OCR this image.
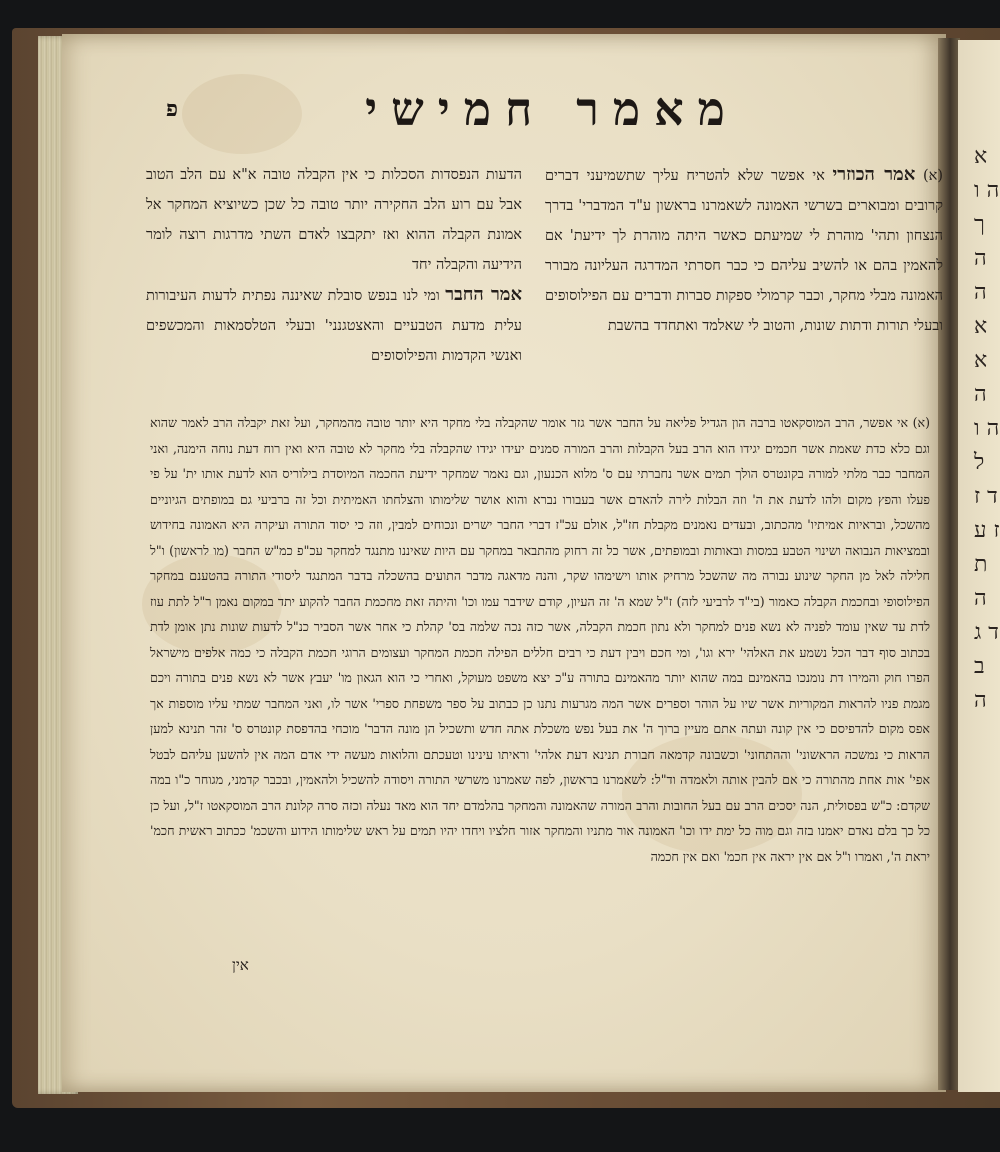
א ה ו ך ה ה א א ה ה ו ל ד ז ז ע ת ה ד ג ב ה
מאמר חמישי
פ

(א) אמר הכוזרי אי אפשר שלא להטריח עליך שתשמיעני דברים קרובים ומבוארים בשרשי האמונה לשאמרנו בראשון ע"ד המדברי' בדרך הנצחון ותהי' מוהרת לי שמיעתם כאשר היתה מוהרת לך ידיעת' אם להאמין בהם או להשיב עליהם כי כבר חסרתי המדרגה העליונה מבורר האמונה מבלי מחקר, וכבר קרמולי ספקות סברות ודברים עם הפילוסופים ובעלי תורות ודתות שונות, והטוב לי שאלמד ואתחדד בהשבת

הדעות הנפסדות הסכלות כי אין הקבלה טובה א"א עם הלב הטוב אבל עם רוע הלב החקירה יותר טובה כל שכן כשיוציא המחקר אל אמונת הקבלה ההוא ואז יתקבצו לאדם השתי מדרגות רוצה לומר הידיעה והקבלה יחד

אמר החבר ומי לנו בנפש סובלת שאיננה נפתית לדעות העיבורות עלית מדעת הטבעיים והאצטגנני' ובעלי הטלסמאות והמכשפים ואנשי הקדמות והפילוסופים

(א) אי אפשר, הרב המוסקאטו ברבה הון הגדיל פליאה על החבר אשר גזר אומר שהקבלה בלי מחקר היא יותר טובה מהמחקר, ועל זאת יקבלה הרב לאמר שהוא וגם כלא כדת שאמת אשר חכמים יגידו הוא הרב בעל הקבלות והרב המורה סמנים יעידו יגידו שהקבלה בלי מחקר לא טובה היא ואין רוח דעת נוחה הימנה, ואני המחבר כבר מלתי למורה בקונטרס הולך תמים אשר נחברתי עם ס' מלוא הכנעון, וגם נאמר שמחקר ידיעת החכמה המיוסדת בילוריס הוא לדעת אותו ית' על פי פעלו והפץ מקום ולהו לדעת את ה' וזה הבלות לירה להאדם אשר בעבורו נברא והוא אושר שלימותו והצלחתו האמיתית וכל זה ברביעי גם במופתים הגיוניים מהשכל, ובראיות אמיתיו' מהכתוב, ובעדים נאמנים מקבלת חז"ל, אולם עכ"ז דברי החבר ישרים ונכוחים למבין, וזה כי יסוד התורה ועיקרה היא האמונה בחידוש ובמציאות הנבואה ושינוי הטבע במסות ובאותות ובמופתים, אשר כל זה רחוק מהתבאר במחקר עם היות שאיננו מתנגד למחקר עכ"פ כמ"ש החבר (מו לראשון) ו"ל חלילה לאל מן החקר שינוע נבורה מה שהשכל מרחיק אותו וישימהו שקר, והנה מדאגה מדבר התועים בהשכלה בדבר המתנגד ליסודי התורה בהטענם במחקר הפילוסופי ובחכמת הקבלה כאמור (בי"ד לרביעי לזה) ז"ל שמא ה' זה העיון, קודם שידבר עמו וכו' והיתה זאת מחכמת החבר להקוע יתד במקום נאמן ר"ל לתת עוז לדת עד שאין עומד לפניה לא נשא פנים למחקר ולא נתון חכמת הקבלה, אשר כזה נכה שלמה בס' קהלת כי אחר אשר הסביר כנ"ל לדעות שונות נתן אומן לדת בכתוב סוף דבר הכל נשמע את האלהי' ירא וגו', ומי חכם ויבין דעת כי רבים חללים הפילה חכמת המחקר ועצומים הרוגי חכמת הקבלה כי כמה אלפים מישראל הפרו חוק והמירו דת נומנכו בהאמינם במה שהוא יותר מהאמינם בתורה ע"כ יצא משפט מעוקל, ואחרי כי הוא הגאון מו' יעבץ אשר לא נשא פנים בתורה ויכם מגמת פניו להראות המקוריות אשר שיו על הוהר וספרים אשר המה מגרעות נתנו כן כבתוב על ספר משפחת ספרי' אשר לו, ואני המחבר שמתי עליו מוספות אך אפס מקום להדפיסם כי אין קונה ועתה אתם מעיין ברוך ה' את בעל נפש משכלת אתה חדש ותשכיל הן מונה הדבר' מוכחי בהדפסת קונטרס ס' זהר תנינא למען הראות כי נמשכה הראשוני' וההתחוני' וכשבונה קדמאה חבורת תנינא דעת אלהי' וראיתו עינינו וטעכתם והלואות מעשה ידי אדם המה אין להשען עליהם לבטל אפי' אות אחת מהתורה כי אם להבין אותה ולאמדה וד"ל: לשאמרנו בראשון, לפה שאמרנו משרשי התורה ויסודה להשכיל ולהאמין, ובכבר קדמני, מגוחר כ"ו במה שקדם: כ"ש בפסולית, הנה יסכים הרב עם בעל החובות והרב המורה שהאמונה והמחקר בהלמדם יחד הוא מאד נעלה וכזה סרה קלונת הרב המוסקאטו ז"ל, ועל כן כל כך בלם נאדם יאמנו בזה וגם מוה כל ימת ידו וכו' האמונה אור מתניו והמחקר אזור חלציו ויחדו יהיו תמים על ראש שלימותו הידוע והשכמ' ככתוב ראשית חכמ' יראת ה', ואמרו ו"ל אם אין יראה אין חכמ' ואם אין חכמה

אין
